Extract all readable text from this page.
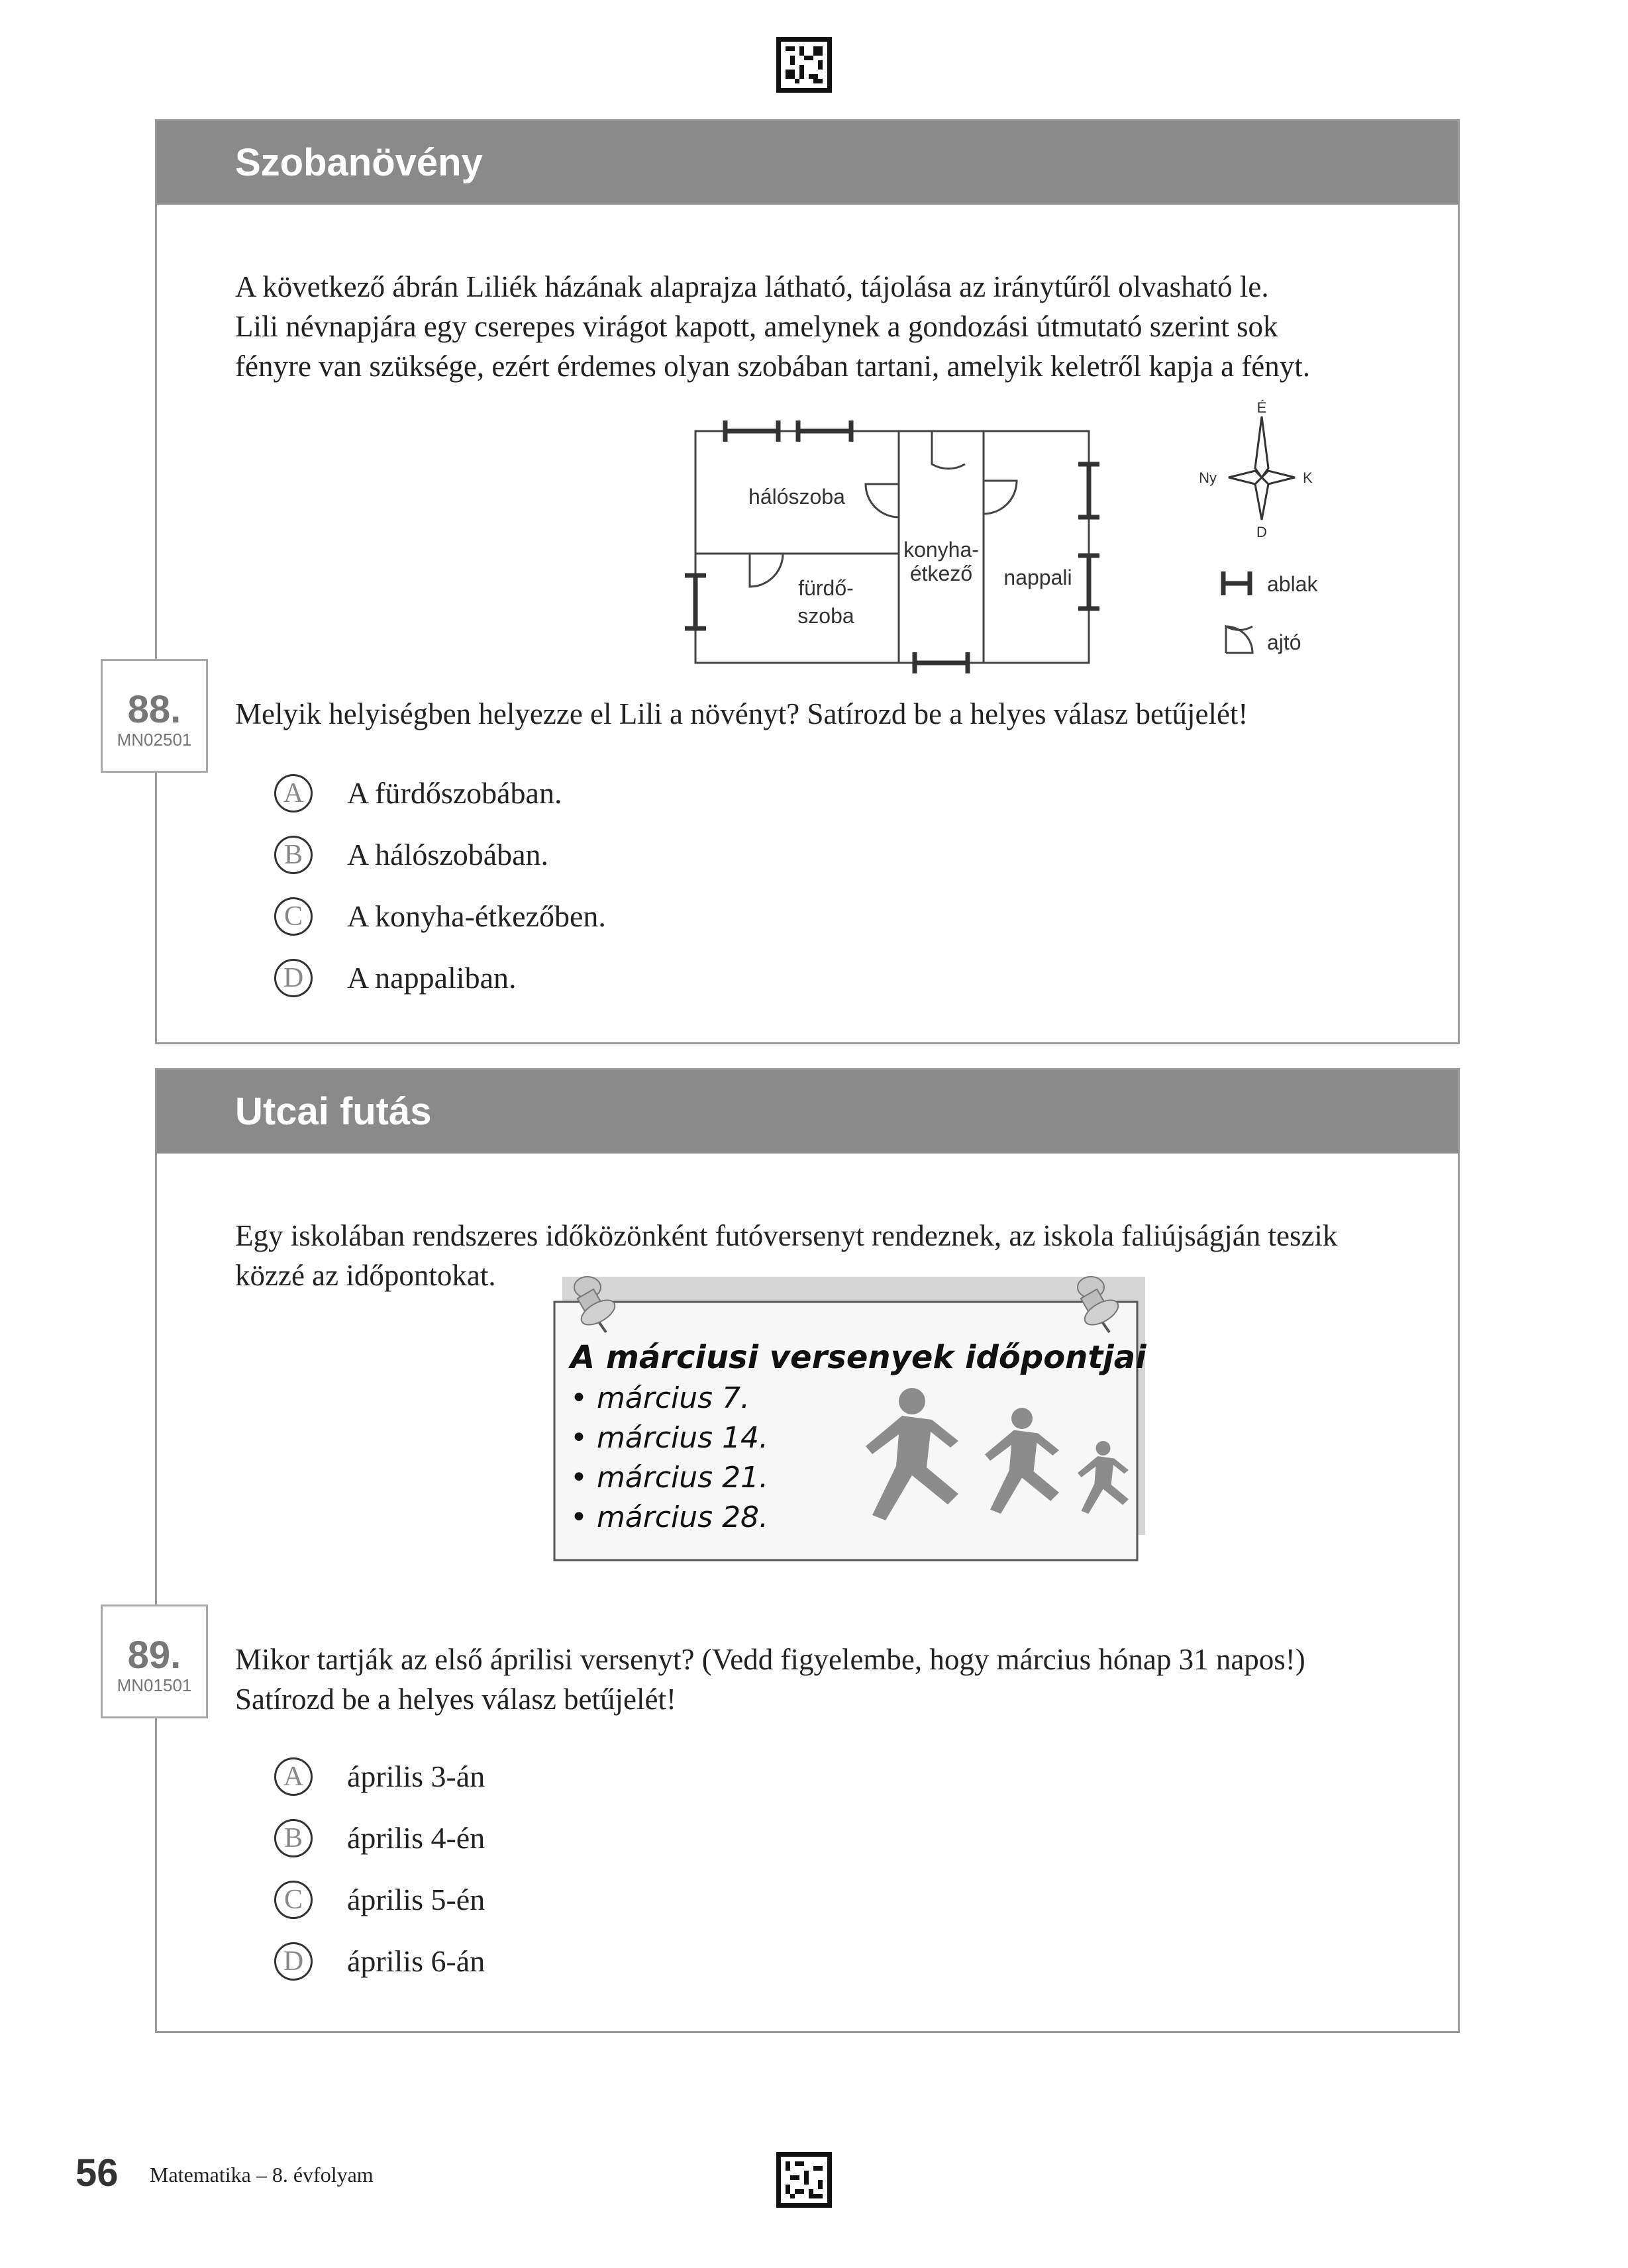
Szobanövény

A következő ábrán Liliék házának alaprajza látható, tájolása az iránytűről olvasható le.

Lili névnapjára egy cserepes virágot kapott, amelynek a gondozási útmutató szerint sok

fényre van szüksége, ezért érdemes olyan szobában tartani, amelyik keletről kapja a fényt.

hálószoba
fürdő-
szoba
konyha-
étkező nappali
É
Ny	K
D
ablak
ajtó

Melyik helyiségben helyezze el Lili a növényt? Satírozd be a helyes válasz betűjelét!

A	A fürdőszobában.
B	A hálószobában.
C	A konyha-étkezőben.
D	A nappaliban.
88.
MN02501
Utcai futás

Egy iskolában rendszeres időközönként futóversenyt rendeznek, az iskola faliújságján teszik

közzé az időpontokat.

A márciusi versenyek időpontjai
• március 7.
• március 14.
• március 21.
• március 28.

Mikor tartják az első áprilisi versenyt? (Vedd figyelembe, hogy március hónap 31 napos!)

Satírozd be a helyes válasz betűjelét!

A	április 3-án
B	április 4-én
C	április 5-én
D	április 6-án
89.
MN01501
56 Matematika – 8. évfolyam
